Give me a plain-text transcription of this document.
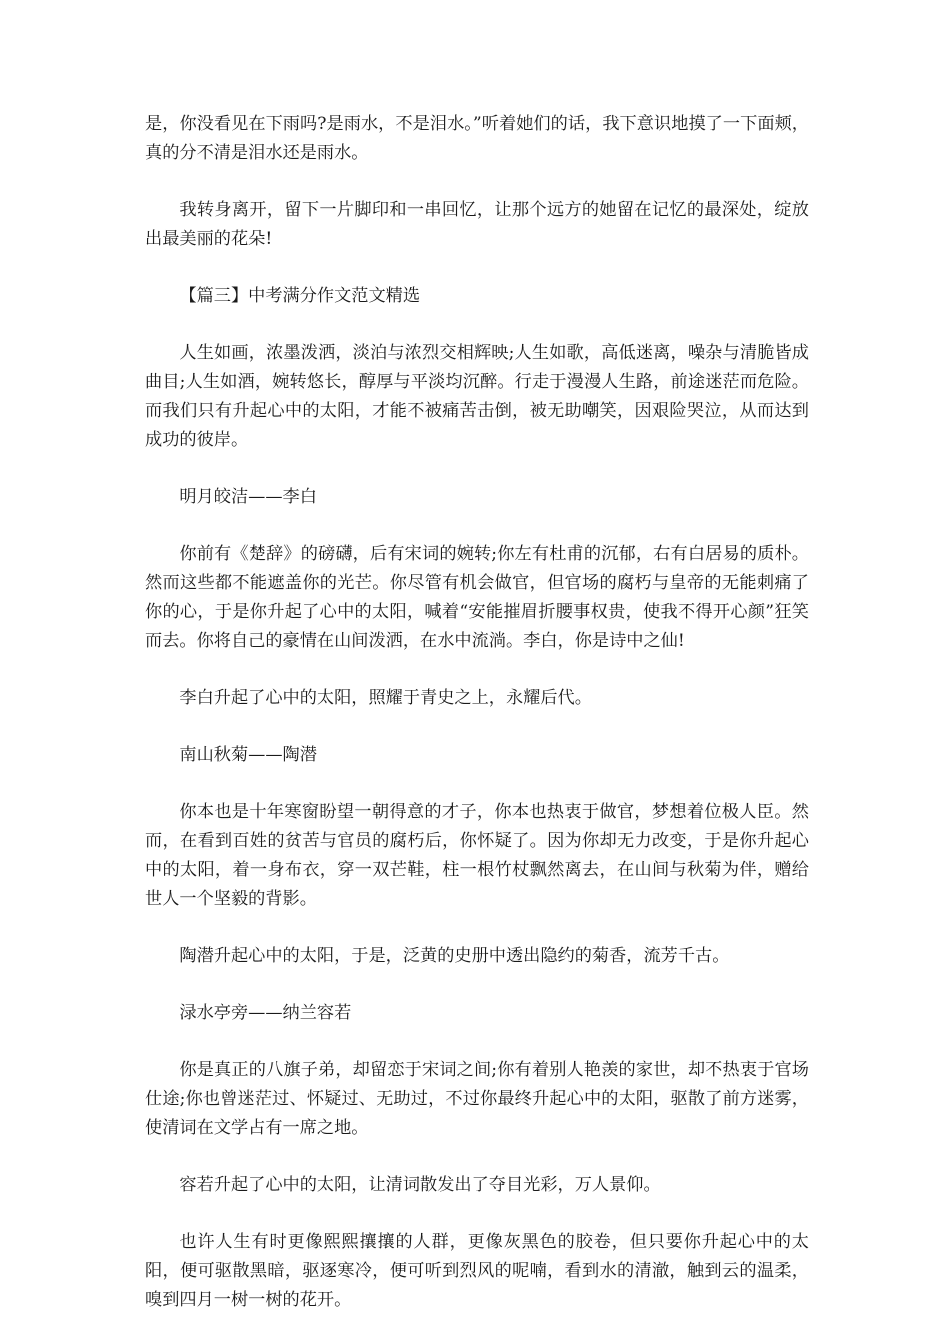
是，你没看见在下雨吗?是雨水，不是泪水。”听着她们的话，我下意识地摸了一下面颊，真的分不清是泪水还是雨水。

我转身离开，留下一片脚印和一串回忆，让那个远方的她留在记忆的最深处，绽放出最美丽的花朵!

【篇三】中考满分作文范文精选

人生如画，浓墨泼洒，淡泊与浓烈交相辉映;人生如歌，高低迷离，噪杂与清脆皆成曲目;人生如酒，婉转悠长，醇厚与平淡均沉醉。行走于漫漫人生路，前途迷茫而危险。而我们只有升起心中的太阳，才能不被痛苦击倒，被无助嘲笑，因艰险哭泣，从而达到成功的彼岸。

明月皎洁——李白

你前有《楚辞》的磅礴，后有宋词的婉转;你左有杜甫的沉郁，右有白居易的质朴。然而这些都不能遮盖你的光芒。你尽管有机会做官，但官场的腐朽与皇帝的无能刺痛了你的心，于是你升起了心中的太阳，喊着“安能摧眉折腰事权贵，使我不得开心颜”狂笑而去。你将自己的豪情在山间泼洒，在水中流淌。李白，你是诗中之仙!

李白升起了心中的太阳，照耀于青史之上，永耀后代。

南山秋菊——陶潜

你本也是十年寒窗盼望一朝得意的才子，你本也热衷于做官，梦想着位极人臣。然而，在看到百姓的贫苦与官员的腐朽后，你怀疑了。因为你却无力改变，于是你升起心中的太阳，着一身布衣，穿一双芒鞋，柱一根竹杖飘然离去，在山间与秋菊为伴，赠给世人一个坚毅的背影。

陶潜升起心中的太阳，于是，泛黄的史册中透出隐约的菊香，流芳千古。

渌水亭旁——纳兰容若

你是真正的八旗子弟，却留恋于宋词之间;你有着别人艳羡的家世，却不热衷于官场仕途;你也曾迷茫过、怀疑过、无助过，不过你最终升起心中的太阳，驱散了前方迷雾，使清词在文学占有一席之地。

容若升起了心中的太阳，让清词散发出了夺目光彩，万人景仰。

也许人生有时更像熙熙攘攘的人群，更像灰黑色的胶卷，但只要你升起心中的太阳，便可驱散黑暗，驱逐寒冷，便可听到烈风的呢喃，看到水的清澈，触到云的温柔，嗅到四月一树一树的花开。
